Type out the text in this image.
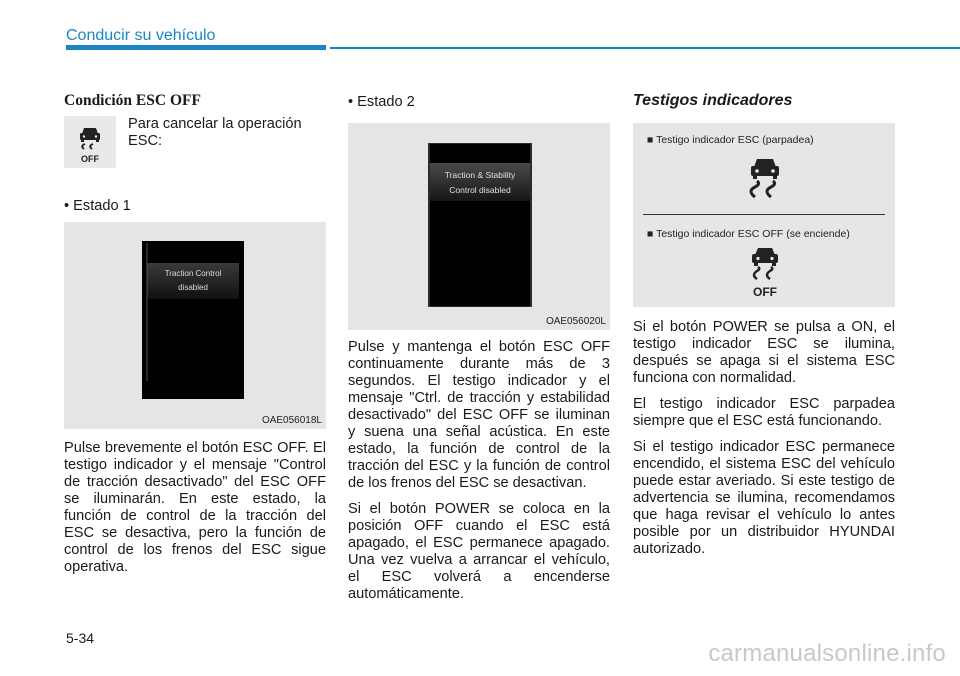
Conducir su vehículo
Condición ESC OFF
OFF

Para cancelar la operación ESC:

• Estado 1
Traction Control
disabled
OAE056018L

Pulse brevemente el botón ESC OFF. El testigo indicador y el mensaje "Control de tracción desactivado" del ESC OFF se iluminarán. En este estado, la función de control de la tracción del ESC se desactiva, pero la función de control de los frenos del ESC sigue operativa.

• Estado 2
Traction & Stability
Control disabled
OAE056020L

Pulse y mantenga el botón ESC OFF continuamente durante más de 3 segundos. El testigo indicador y el mensaje "Ctrl. de tracción y estabilidad desactivado" del ESC OFF se iluminan y suena una señal acústica. En este estado, la función de control de la tracción del ESC y la función de control de los frenos del ESC se desactivan.

Si el botón POWER se coloca en la posición OFF cuando el ESC está apagado, el ESC permanece apagado. Una vez vuelva a arrancar el vehículo, el ESC volverá a encenderse automáticamente.

Testigos indicadores
■ Testigo indicador ESC (parpadea)
■ Testigo indicador ESC OFF (se enciende)
OFF

Si el botón POWER se pulsa a ON, el testigo indicador ESC se ilumina, después se apaga si el sistema ESC funciona con normalidad.

El testigo indicador ESC parpadea siempre que el ESC está funcionando.

Si el testigo indicador ESC permanece encendido, el sistema ESC del vehículo puede estar averiado. Si este testigo de advertencia se ilumina, recomendamos que haga revisar el vehículo lo antes posible por un distribuidor HYUNDAI autorizado.

5-34
carmanualsonline.info
